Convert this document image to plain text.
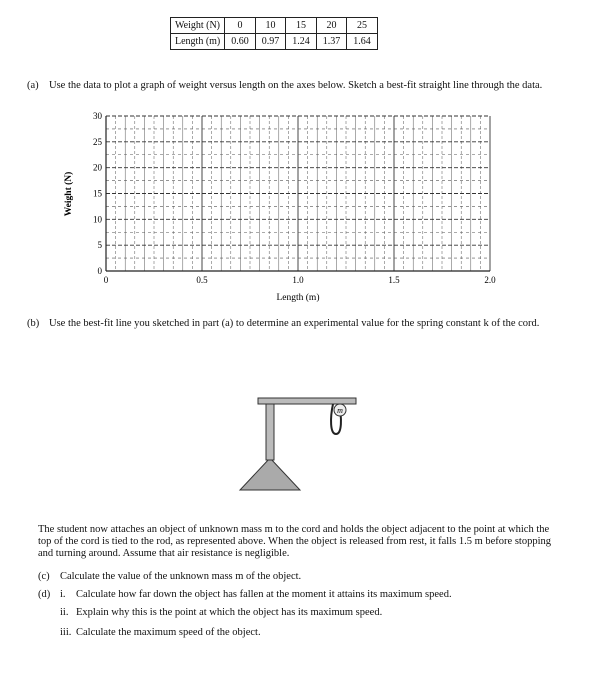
Weight (N)	0	10	15	20	25
Length (m)	0.60	0.97	1.24	1.37	1.64
(a) Use the data to plot a graph of weight versus length on the axes below. Sketch a best-fit straight line through the data.
0
5
10
15
20
25
30
0	0.5	1.0	1.5	2.0
Weight (N)
Length (m)
(b) Use the best-fit line you sketched in part (a) to determine an experimental value for the spring constant k of the cord.
m
The student now attaches an object of unknown mass m to the cord and holds the object adjacent to the point at which the top of the cord is tied to the rod, as represented above. When the object is released from rest, it falls 1.5 m before stopping and turning around. Assume that air resistance is negligible.
(c) Calculate the value of the unknown mass m of the object.
(d) i. Calculate how far down the object has fallen at the moment it attains its maximum speed.
ii. Explain why this is the point at which the object has its maximum speed.
iii. Calculate the maximum speed of the object.
